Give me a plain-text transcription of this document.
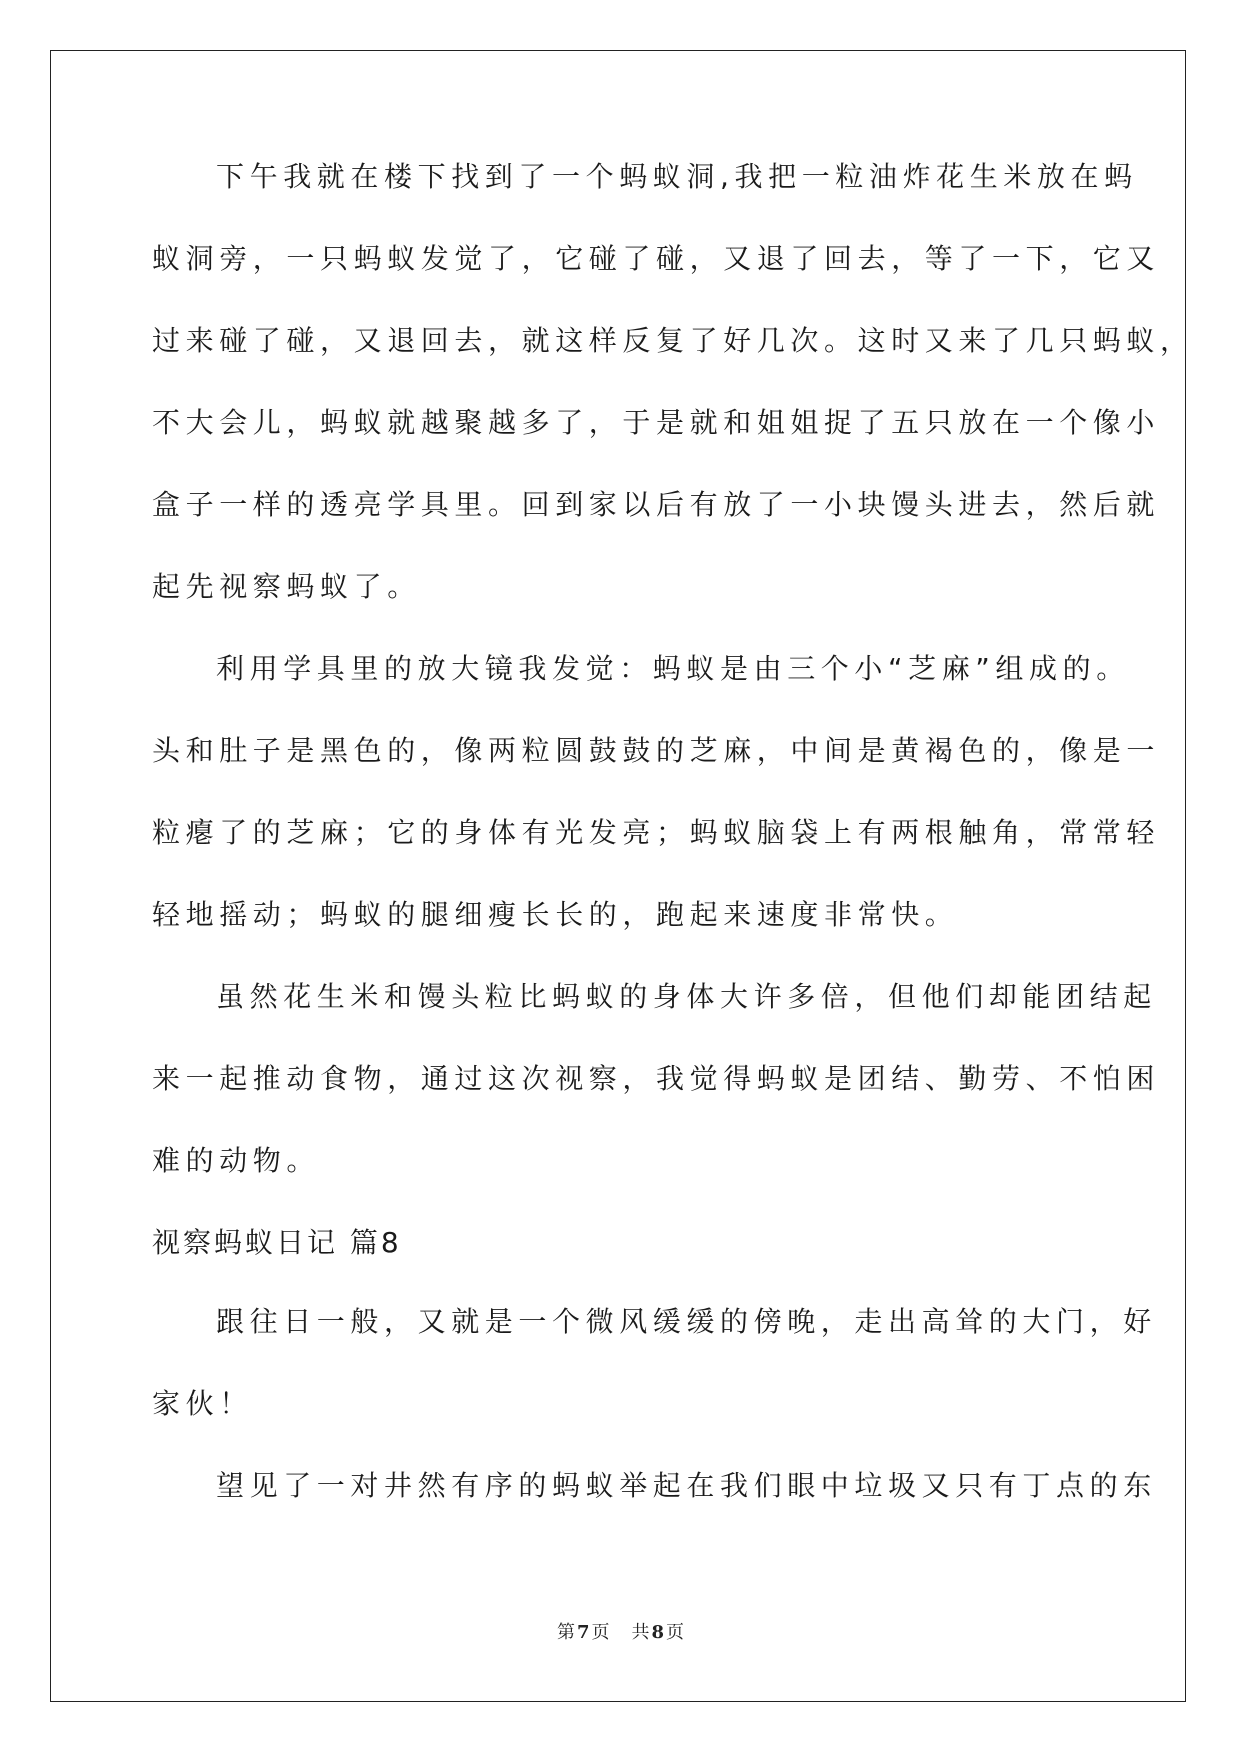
下午我就在楼下找到了一个蚂蚁洞,我把一粒油炸花生米放在蚂
蚁洞旁，一只蚂蚁发觉了，它碰了碰，又退了回去，等了一下，它又
过来碰了碰，又退回去，就这样反复了好几次。这时又来了几只蚂蚁，
不大会儿，蚂蚁就越聚越多了，于是就和姐姐捉了五只放在一个像小
盒子一样的透亮学具里。回到家以后有放了一小块馒头进去，然后就
起先视察蚂蚁了。
利用学具里的放大镜我发觉：蚂蚁是由三个小“芝麻”组成的。
头和肚子是黑色的，像两粒圆鼓鼓的芝麻，中间是黄褐色的，像是一
粒瘪了的芝麻；它的身体有光发亮；蚂蚁脑袋上有两根触角，常常轻
轻地摇动；蚂蚁的腿细瘦长长的，跑起来速度非常快。
虽然花生米和馒头粒比蚂蚁的身体大许多倍，但他们却能团结起
来一起推动食物，通过这次视察，我觉得蚂蚁是团结、勤劳、不怕困
难的动物。
视察蚂蚁日记 篇8
跟往日一般，又就是一个微风缓缓的傍晚，走出高耸的大门，好
家伙！
望见了一对井然有序的蚂蚁举起在我们眼中垃圾又只有丁点的东
第 7 页 共 8 页
